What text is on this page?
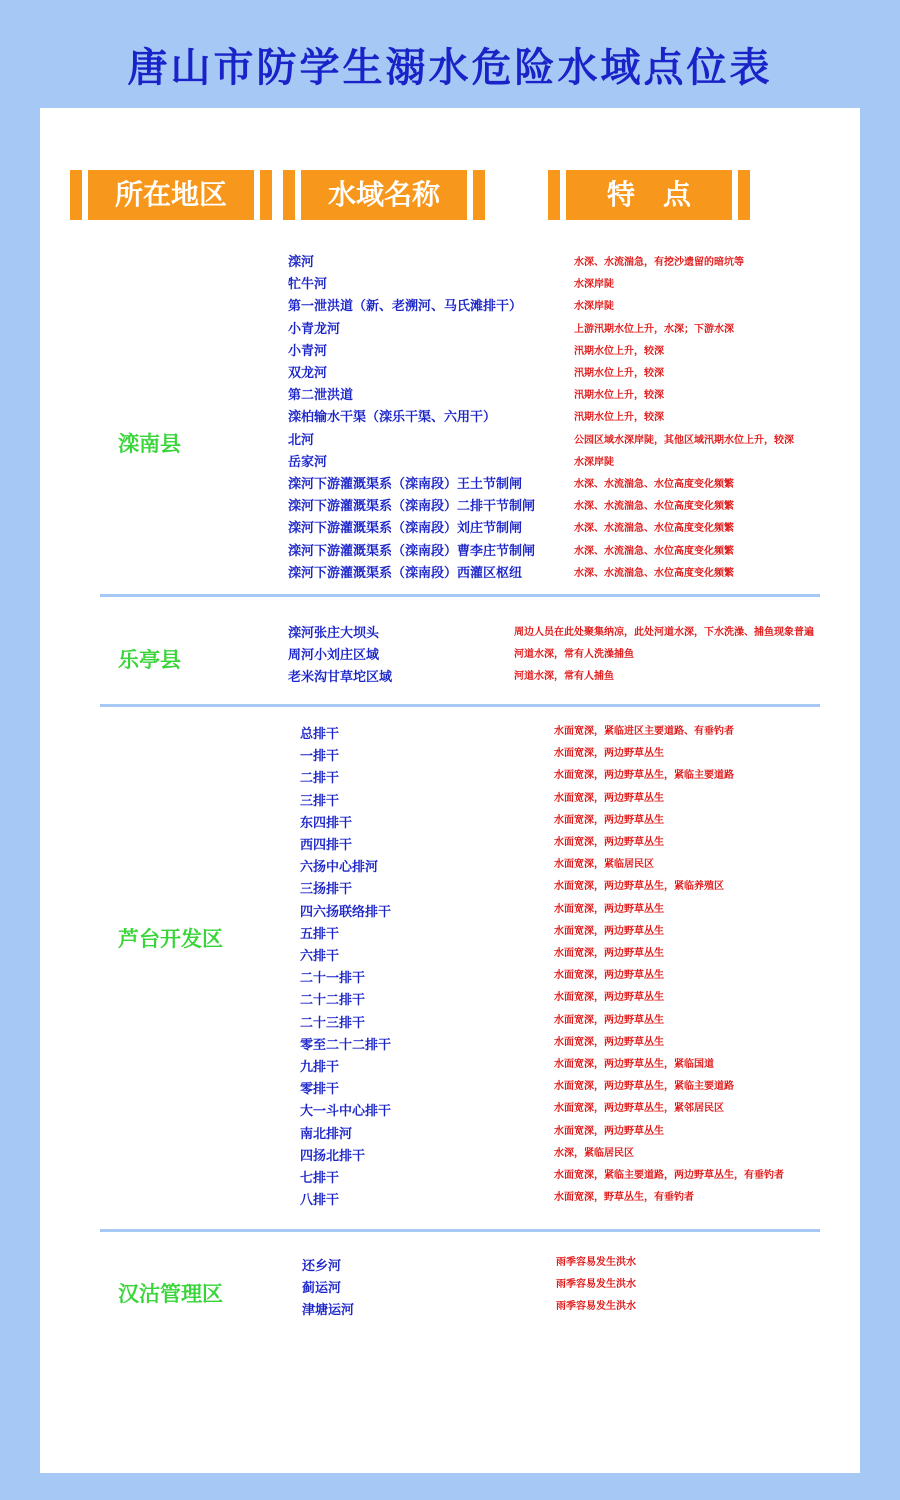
唐山市防学生溺水危险水域点位表
所在地区	水域名称	特　点
滦南县
滦河
牤牛河
第一泄洪道（新、老溯河、马氏滩排干）
小青龙河
小青河
双龙河
第二泄洪道
滦柏输水干渠（滦乐干渠、六用干）
北河
岳家河
滦河下游灌溉渠系（滦南段）王土节制闸
滦河下游灌溉渠系（滦南段）二排干节制闸
滦河下游灌溉渠系（滦南段）刘庄节制闸
滦河下游灌溉渠系（滦南段）曹李庄节制闸
滦河下游灌溉渠系（滦南段）西灌区枢纽
水深、水流湍急，有挖沙遗留的暗坑等
水深岸陡
水深岸陡
上游汛期水位上升，水深；下游水深
汛期水位上升，较深
汛期水位上升，较深
汛期水位上升，较深
汛期水位上升，较深
公园区域水深岸陡，其他区域汛期水位上升，较深
水深岸陡
水深、水流湍急、水位高度变化频繁
水深、水流湍急、水位高度变化频繁
水深、水流湍急、水位高度变化频繁
水深、水流湍急、水位高度变化频繁
水深、水流湍急、水位高度变化频繁
乐亭县
滦河张庄大坝头
周河小刘庄区域
老米沟甘草坨区域
周边人员在此处聚集纳凉，此处河道水深，下水洗澡、捕鱼现象普遍
河道水深，常有人洗澡捕鱼
河道水深，常有人捕鱼
芦台开发区
总排干
一排干
二排干
三排干
东四排干
西四排干
六扬中心排河
三扬排干
四六扬联络排干
五排干
六排干
二十一排干
二十二排干
二十三排干
零至二十二排干
九排干
零排干
大一斗中心排干
南北排河
四扬北排干
七排干
八排干
水面宽深，紧临进区主要道路、有垂钓者
水面宽深，两边野草丛生
水面宽深，两边野草丛生，紧临主要道路
水面宽深，两边野草丛生
水面宽深，两边野草丛生
水面宽深，两边野草丛生
水面宽深，紧临居民区
水面宽深，两边野草丛生，紧临养殖区
水面宽深，两边野草丛生
水面宽深，两边野草丛生
水面宽深，两边野草丛生
水面宽深，两边野草丛生
水面宽深，两边野草丛生
水面宽深，两边野草丛生
水面宽深，两边野草丛生
水面宽深，两边野草丛生，紧临国道
水面宽深，两边野草丛生，紧临主要道路
水面宽深，两边野草丛生，紧邻居民区
水面宽深，两边野草丛生
水深，紧临居民区
水面宽深，紧临主要道路，两边野草丛生，有垂钓者
水面宽深，野草丛生，有垂钓者
汉沽管理区
还乡河
蓟运河
津塘运河
雨季容易发生洪水
雨季容易发生洪水
雨季容易发生洪水
